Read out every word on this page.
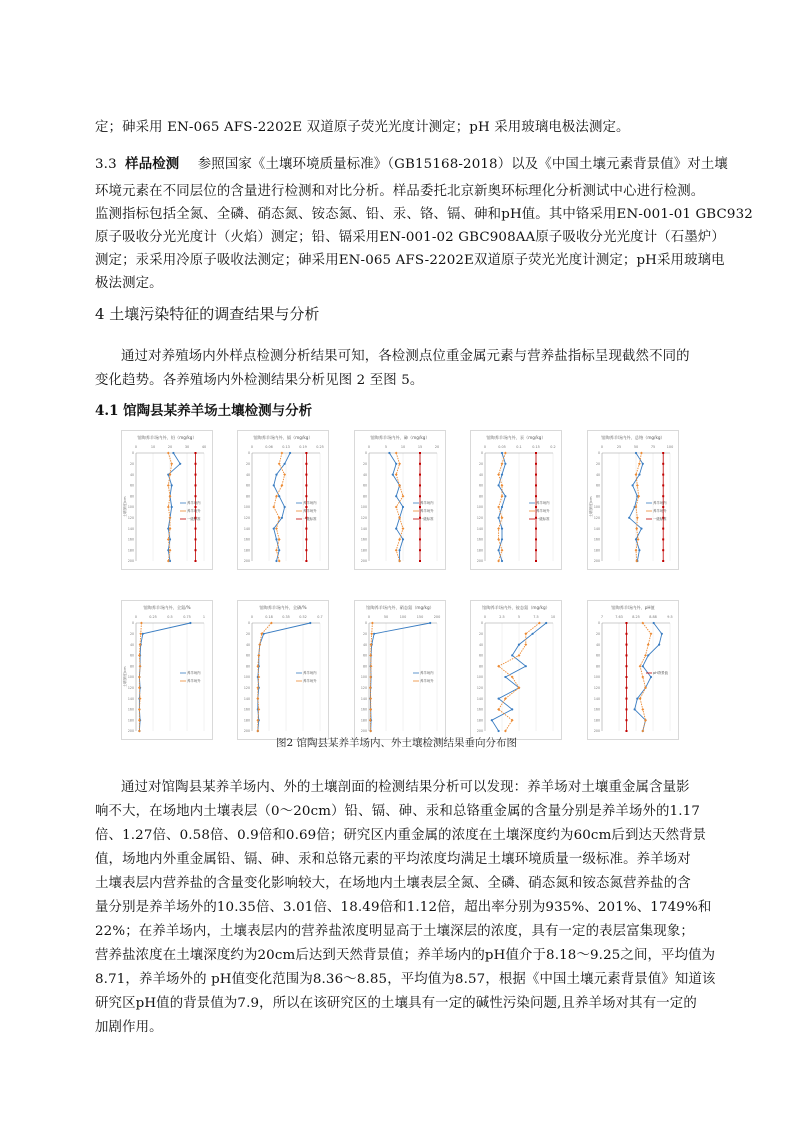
定；砷采用 EN-065 AFS-2202E 双道原子荧光光度计测定；pH 采用玻璃电极法测定。
3.3 样品检测 参照国家《土壤环境质量标准》（GB15168-2018）以及《中国土壤元素背景值》对土壤
环境元素在不同层位的含量进行检测和对比分析。样品委托北京新奥环标理化分析测试中心进行检测。
监测指标包括全氮、全磷、硝态氮、铵态氮、铅、汞、铬、镉、砷和pH值。其中铬采用EN-001-01 GBC932
原子吸收分光光度计（火焰）测定；铅、镉采用EN-001-02 GBC908AA原子吸收分光光度计（石墨炉）
测定；汞采用冷原子吸收法测定；砷采用EN-065 AFS-2202E双道原子荧光光度计测定；pH采用玻璃电
极法测定。
4 土壤污染特征的调查结果与分析
通过对养殖场内外样点检测分析结果可知，各检测点位重金属元素与营养盐指标呈现截然不同的
变化趋势。各养殖场内外检测结果分析见图 2 至图 5。
4.1 馆陶县某养羊场土壤检测与分析
馆陶养羊场内外、铅（mg/kg）
0	10	20	30	40
0
20
40
60
80
100
120
140
160
180
200
土壤深度/cm	养羊场内
养羊场外
一级标准
馆陶养羊场内外、镉（mg/kg）
0	0.06	0.13	0.19	0.25
0
20
40
60
80
100
120
140
160
180
200
养羊场内
养羊场外
一级标准
馆陶养羊场内外、砷（mg/kg）
0	5	10	15	20
0
20
40
60
80
100
120
140
160
180
200
养羊场内
养羊场外
一级标准
馆陶养羊场内外、汞（mg/kg）
0	0.05	0.1	0.15	0.2
0
20
40
60
80
100
120
140
160
180
200
养羊场内
养羊场外
一级标准
馆陶养羊场内外、总铬（mg/kg）
0	25	50	75	100
0
20
40
60
80
100
120
140
160
180
200
土壤深度/cm	养羊场内
养羊场外
一级标准
馆陶养羊场内外、全氮/%
0	0.25	0.5	0.75	1
0
20
40
60
80
100
120
140
160
180
200
土壤深度/cm	养羊场内
养羊场外
馆陶养羊场内外、全磷/%
0	0.18	0.35	0.52	0.7
0
20
40
60
80
100
120
140
160
180
200
养羊场内
养羊场外
馆陶养羊场内外、硝态氮（mg/kg）
0	50	100	150	200
0
20
40
60
80
100
120
140
160
180
200
养羊场内
养羊场外
馆陶养羊场内外、铵态氮（mg/kg）
0	2.5	5	7.5	10
0
20
40
60
80
100
120
140
160
180
200
馆陶养羊场内外、pH值
7	7.63	8.25	8.88	9.5
0
20
40
60
80
100
120
140
160
180
200
pH背景值
图2 馆陶县某养羊场内、外土壤检测结果垂向分布图
通过对馆陶县某养羊场内、外的土壤剖面的检测结果分析可以发现：养羊场对土壤重金属含量影
响不大，在场地内土壤表层（0～20cm）铅、镉、砷、汞和总铬重金属的含量分别是养羊场外的1.17
倍、1.27倍、0.58倍、0.9倍和0.69倍；研究区内重金属的浓度在土壤深度约为60cm后到达天然背景
值，场地内外重金属铅、镉、砷、汞和总铬元素的平均浓度均满足土壤环境质量一级标准。养羊场对
土壤表层内营养盐的含量变化影响较大，在场地内土壤表层全氮、全磷、硝态氮和铵态氮营养盐的含
量分别是养羊场外的10.35倍、3.01倍、18.49倍和1.12倍，超出率分别为935%、201%、1749%和
22%；在养羊场内，土壤表层内的营养盐浓度明显高于土壤深层的浓度，具有一定的表层富集现象；
营养盐浓度在土壤深度约为20cm后达到天然背景值；养羊场内的pH值介于8.18～9.25之间，平均值为
8.71，养羊场外的 pH值变化范围为8.36～8.85，平均值为8.57，根据《中国土壤元素背景值》知道该
研究区pH值的背景值为7.9，所以在该研究区的土壤具有一定的碱性污染问题,且养羊场对其有一定的
加剧作用。
